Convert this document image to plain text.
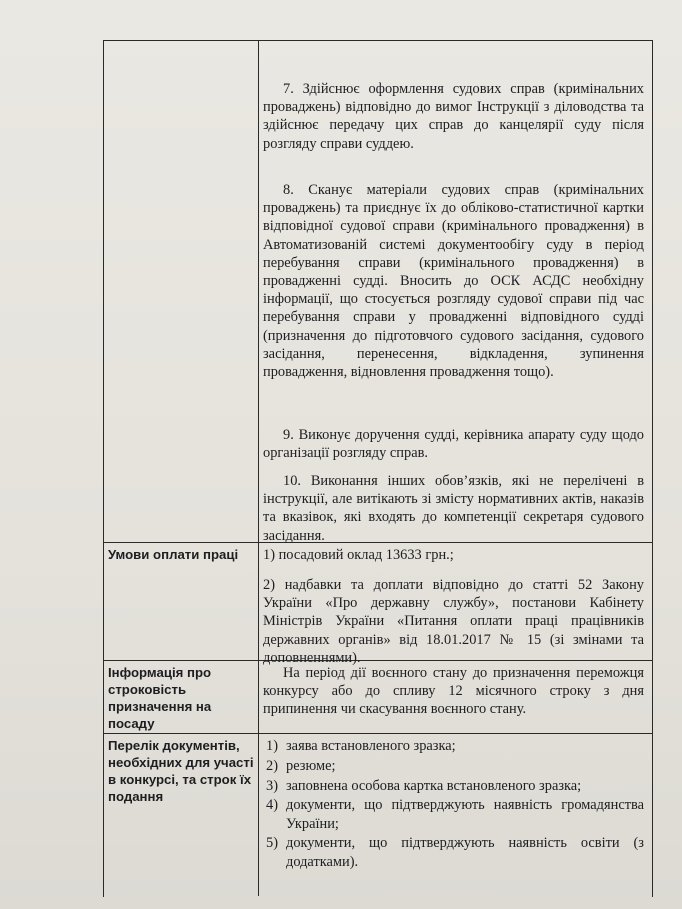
7. Здійснює оформлення судових справ (кримінальних проваджень) відповідно до вимог Інструкції з діловодства та здійснює передачу цих справ до канцелярії суду після розгляду справи суддею.

8. Сканує матеріали судових справ (кримінальних проваджень) та приєднує їх до обліково-статистичної картки відповідної судової справи (кримінального провадження) в Автоматизованій системі документообігу суду в період перебування справи (кримінального провадження) в провадженні судді. Вносить до ОСК АСДС необхідну інформації, що стосується розгляду судової справи під час перебування справи у провадженні відповідного судді (призначення до підготовчого судового засідання, судового засідання, перенесення, відкладення, зупинення провадження, відновлення провадження тощо).

9. Виконує доручення судді, керівника апарату суду щодо організації розгляду справ.

10. Виконання інших обов’язків, які не перелічені в інструкції, але витікають зі змісту нормативних актів, наказів та вказівок, які входять до компетенції секретаря судового засідання.

Умови оплати праці	1) посадовий оклад 13633 грн.;

2) надбавки та доплати відповідно до статті 52 Закону України «Про державну службу», постанови Кабінету Міністрів України «Питання оплати праці працівників державних органів» від 18.01.2017 № 15 (зі змінами та доповненнями).

Інформація про строковість призначення на посаду

На період дії воєнного стану до призначення переможця конкурсу або до спливу 12 місячного строку з дня припинення чи скасування воєнного стану.

Перелік документів, необхідних для участі в конкурсі, та строк їх подання

1) заява встановленого зразка;
2) резюме;
3) заповнена особова картка встановленого зразка;
4) документи, що підтверджують наявність громадянства України;
5) документи, що підтверджують наявність освіти (з додатками).
